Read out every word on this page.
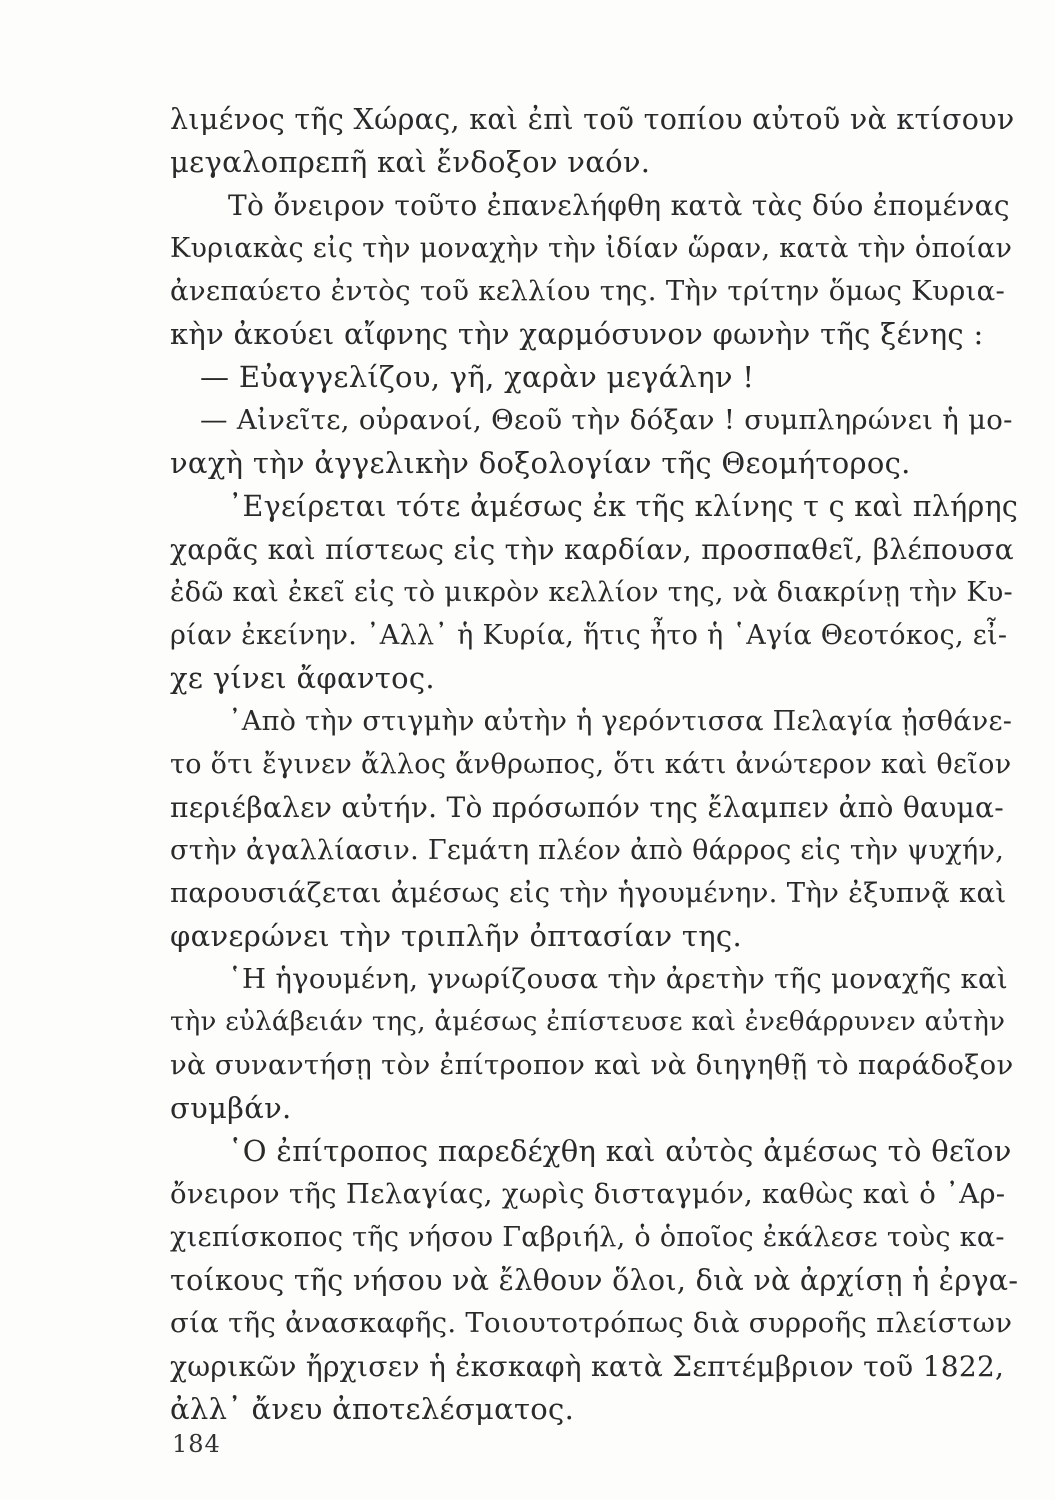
λιμένος τῆς Χώρας, καὶ ἐπὶ τοῦ τοπίου αὐτοῦ νὰ κτίσουν
μεγαλοπρεπῆ καὶ ἔνδοξον ναόν.
Τὸ ὄνειρον τοῦτο ἐπανελήφθη κατὰ τὰς δύο ἐπομένας
Κυριακὰς εἰς τὴν μοναχὴν τὴν ἰδίαν ὥραν, κατὰ τὴν ὁποίαν
ἀνεπαύετο ἐντὸς τοῦ κελλίου της. Τὴν τρίτην ὅμως Κυρια-
κὴν ἀκούει αἴφνης τὴν χαρμόσυνον φωνὴν τῆς ξένης :
— Εὐαγγελίζου, γῆ, χαρὰν μεγάλην !
— Αἰνεῖτε, οὐρανοί, Θεοῦ τὴν δόξαν ! συμπληρώνει ἡ μο-
ναχὴ τὴν ἀγγελικὴν δοξολογίαν τῆς Θεομήτορος.
᾿Εγείρεται τότε ἀμέσως ἐκ τῆς κλίνης τ ς καὶ πλήρης
χαρᾶς καὶ πίστεως εἰς τὴν καρδίαν, προσπαθεῖ, βλέπουσα
ἐδῶ καὶ ἐκεῖ εἰς τὸ μικρὸν κελλίον της, νὰ διακρίνῃ τὴν Κυ-
ρίαν ἐκείνην. ᾿Αλλ᾿ ἡ Κυρία, ἥτις ἦτο ἡ ῾Αγία Θεοτόκος, εἶ-
χε γίνει ἄφαντος.
᾿Απὸ τὴν στιγμὴν αὐτὴν ἡ γερόντισσα Πελαγία ᾐσθάνε-
το ὅτι ἔγινεν ἄλλος ἄνθρωπος, ὅτι κάτι ἀνώτερον καὶ θεῖον
περιέβαλεν αὐτήν. Τὸ πρόσωπόν της ἔλαμπεν ἀπὸ θαυμα-
στὴν ἀγαλλίασιν. Γεμάτη πλέον ἀπὸ θάρρος εἰς τὴν ψυχήν,
παρουσιάζεται ἀμέσως εἰς τὴν ἡγουμένην. Τὴν ἐξυπνᾷ καὶ
φανερώνει τὴν τριπλῆν ὀπτασίαν της.
῾Η ἡγουμένη, γνωρίζουσα τὴν ἀρετὴν τῆς μοναχῆς καὶ
τὴν εὐλάβειάν της, ἀμέσως ἐπίστευσε καὶ ἐνεθάρρυνεν αὐτὴν
νὰ συναντήσῃ τὸν ἐπίτροπον καὶ νὰ διηγηθῇ τὸ παράδοξον
συμβάν.
῾Ο ἐπίτροπος παρεδέχθη καὶ αὐτὸς ἀμέσως τὸ θεῖον
ὄνειρον τῆς Πελαγίας, χωρὶς δισταγμόν, καθὼς καὶ ὁ ᾿Αρ-
χιεπίσκοπος τῆς νήσου Γαβριήλ, ὁ ὁποῖος ἐκάλεσε τοὺς κα-
τοίκους τῆς νήσου νὰ ἔλθουν ὅλοι, διὰ νὰ ἀρχίσῃ ἡ ἐργα-
σία τῆς ἀνασκαφῆς. Τοιουτοτρόπως διὰ συρροῆς πλείστων
χωρικῶν ἤρχισεν ἡ ἐκσκαφὴ κατὰ Σεπτέμβριον τοῦ 1822,
ἀλλ᾿ ἄνευ ἀποτελέσματος.
184
